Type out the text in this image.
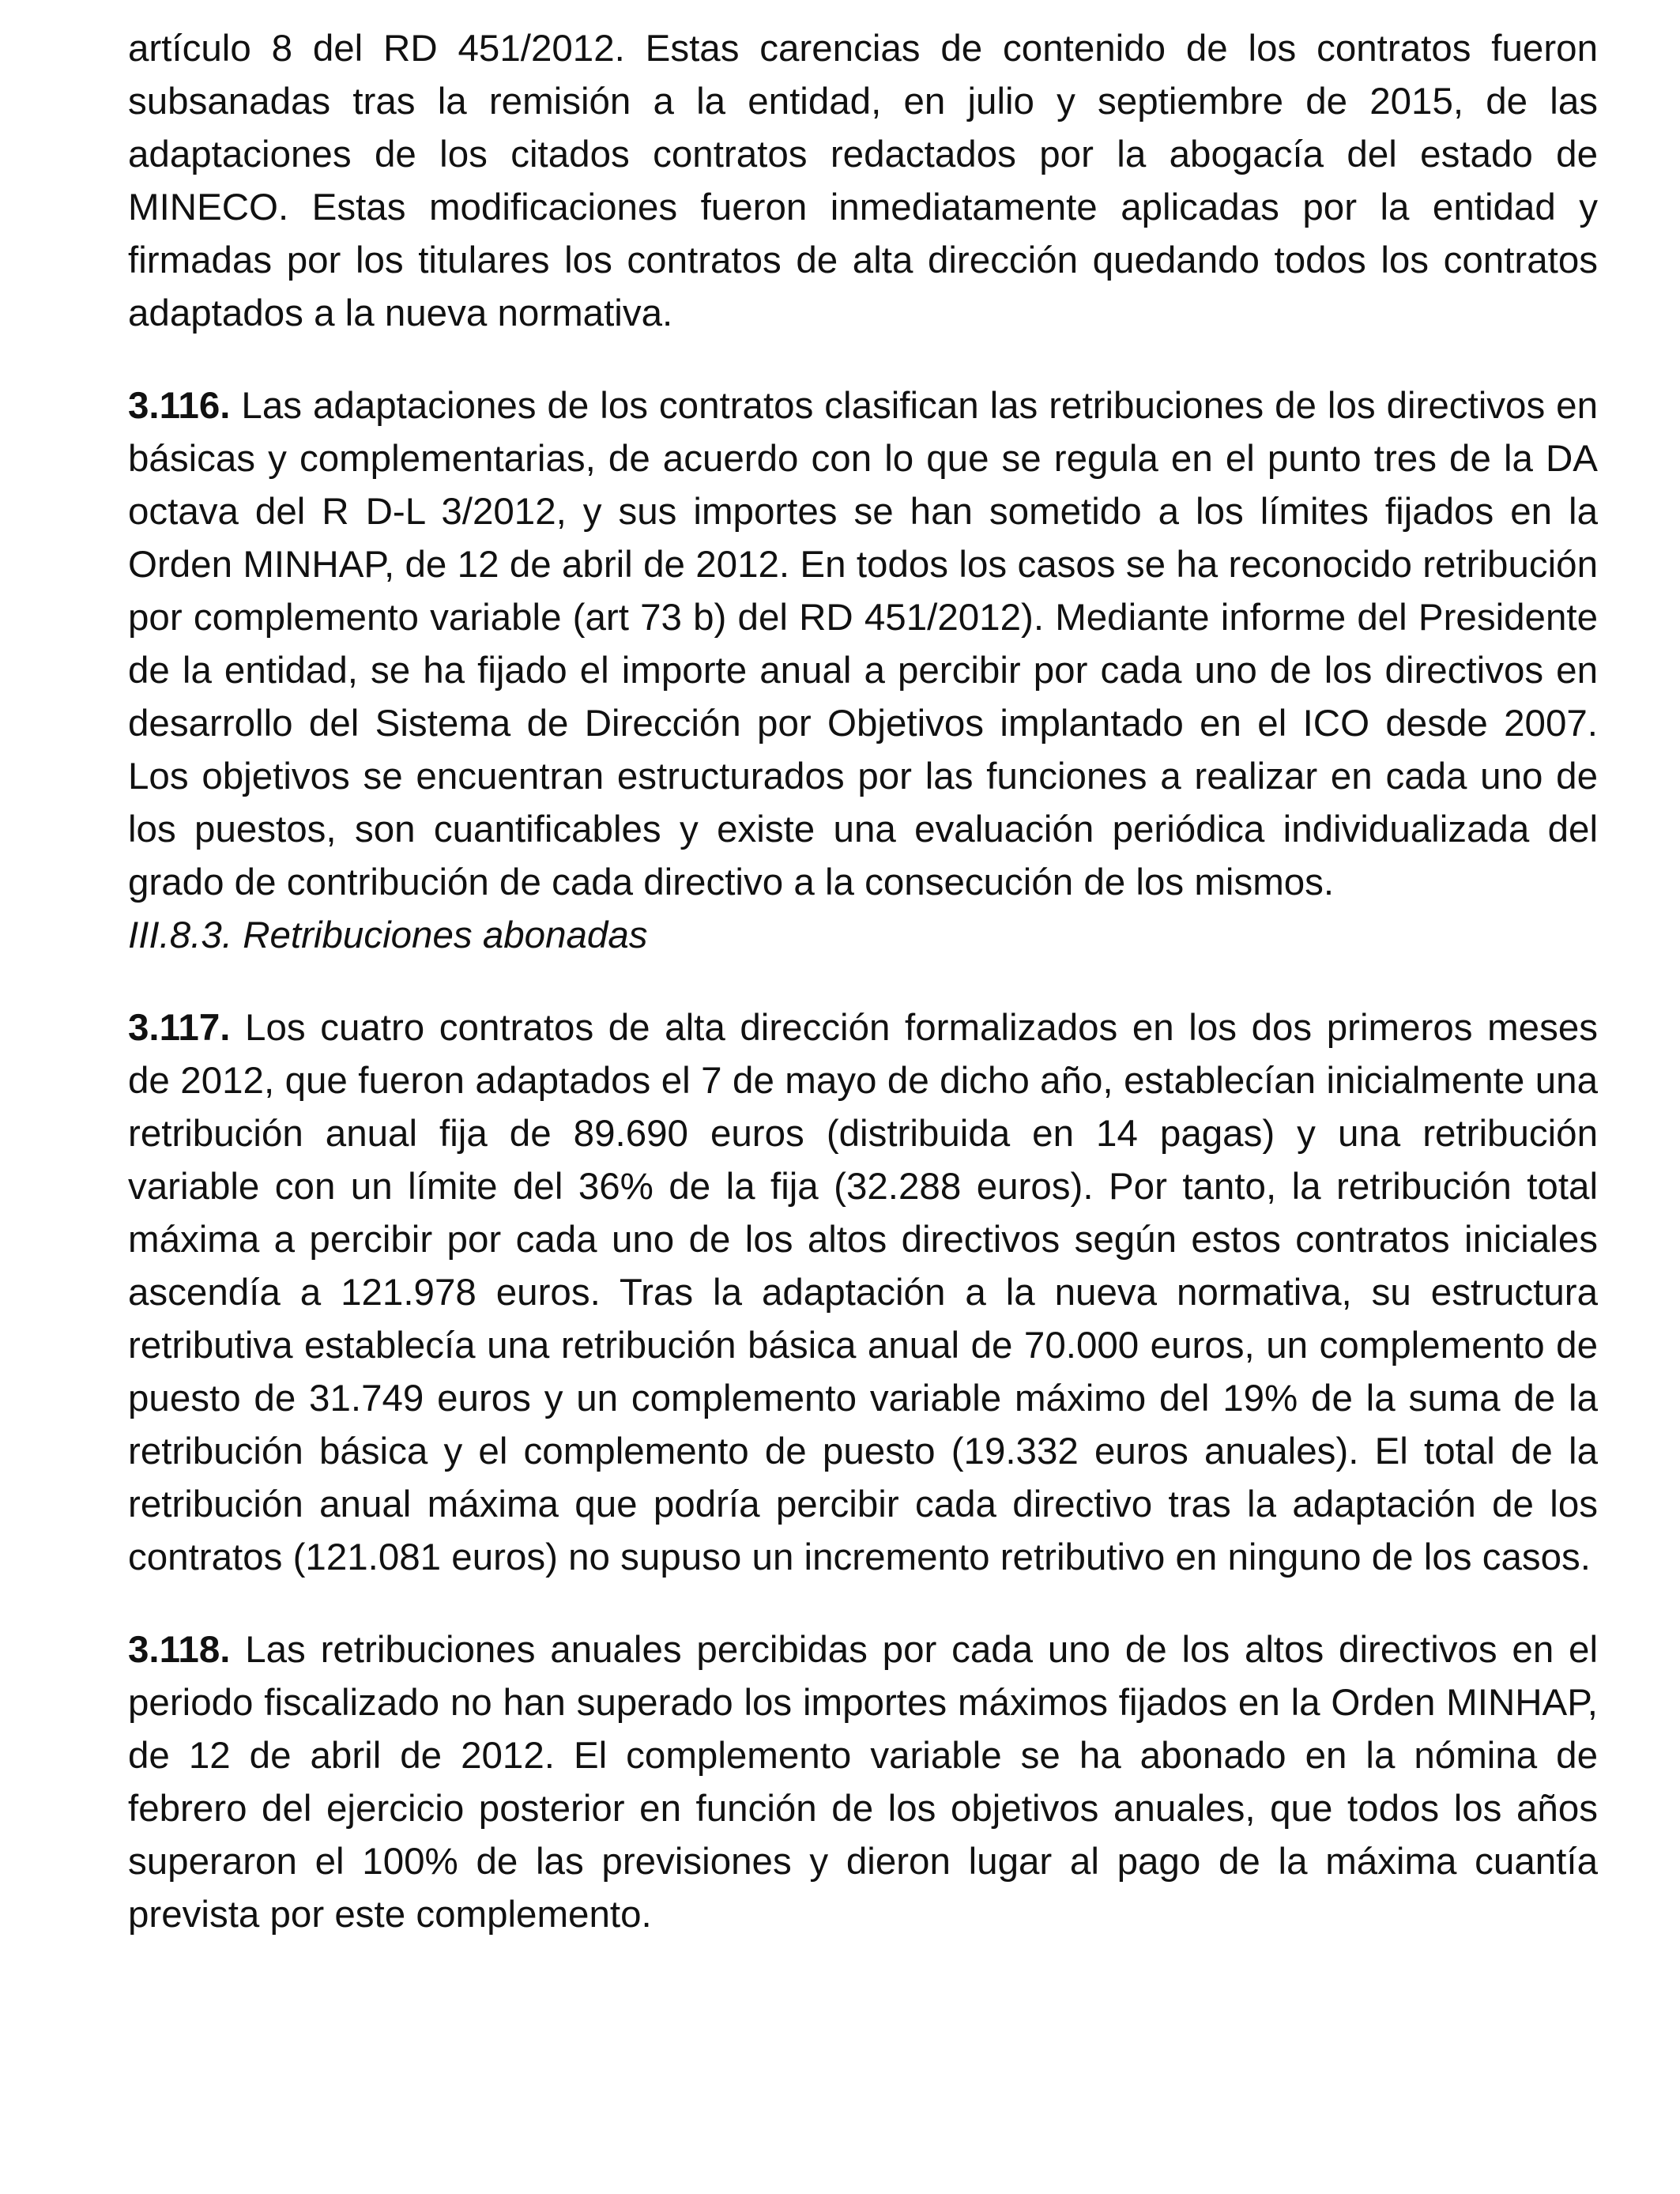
artículo 8 del RD 451/2012. Estas carencias de contenido de los contratos fueron subsanadas tras la remisión a la entidad, en julio y septiembre de 2015, de las adaptaciones de los citados contratos redactados por la abogacía del estado de MINECO. Estas modificaciones fueron inmediatamente aplicadas por la entidad y firmadas por los titulares los contratos de alta dirección quedando todos los contratos adaptados a la nueva normativa.

3.116. Las adaptaciones de los contratos clasifican las retribuciones de los directivos en básicas y complementarias, de acuerdo con lo que se regula en el punto tres de la DA octava del R D-L 3/2012, y sus importes se han sometido a los límites fijados en la Orden MINHAP, de 12 de abril de 2012. En todos los casos se ha reconocido retribución por complemento variable (art 73 b) del RD 451/2012). Mediante informe del Presidente de la entidad, se ha fijado el importe anual a percibir por cada uno de los directivos en desarrollo del Sistema de Dirección por Objetivos implantado en el ICO desde 2007. Los objetivos se encuentran estructurados por las funciones a realizar en cada uno de los puestos, son cuantificables y existe una evaluación periódica individualizada del grado de contribución de cada directivo a la consecución de los mismos.

III.8.3. Retribuciones abonadas

3.117. Los cuatro contratos de alta dirección formalizados en los dos primeros meses de 2012, que fueron adaptados el 7 de mayo de dicho año, establecían inicialmente una retribución anual fija de 89.690 euros (distribuida en 14 pagas) y una retribución variable con un límite del 36% de la fija (32.288 euros). Por tanto, la retribución total máxima a percibir por cada uno de los altos directivos según estos contratos iniciales ascendía a 121.978 euros. Tras la adaptación a la nueva normativa, su estructura retributiva establecía una retribución básica anual de 70.000 euros, un complemento de puesto de 31.749 euros y un complemento variable máximo del 19% de la suma de la retribución básica y el complemento de puesto (19.332 euros anuales). El total de la retribución anual máxima que podría percibir cada directivo tras la adaptación de los contratos (121.081 euros) no supuso un incremento retributivo en ninguno de los casos.

3.118. Las retribuciones anuales percibidas por cada uno de los altos directivos en el periodo fiscalizado no han superado los importes máximos fijados en la Orden MINHAP, de 12 de abril de 2012. El complemento variable se ha abonado en la nómina de febrero del ejercicio posterior en función de los objetivos anuales, que todos los años superaron el 100% de las previsiones y dieron lugar al pago de la máxima cuantía prevista por este complemento.
